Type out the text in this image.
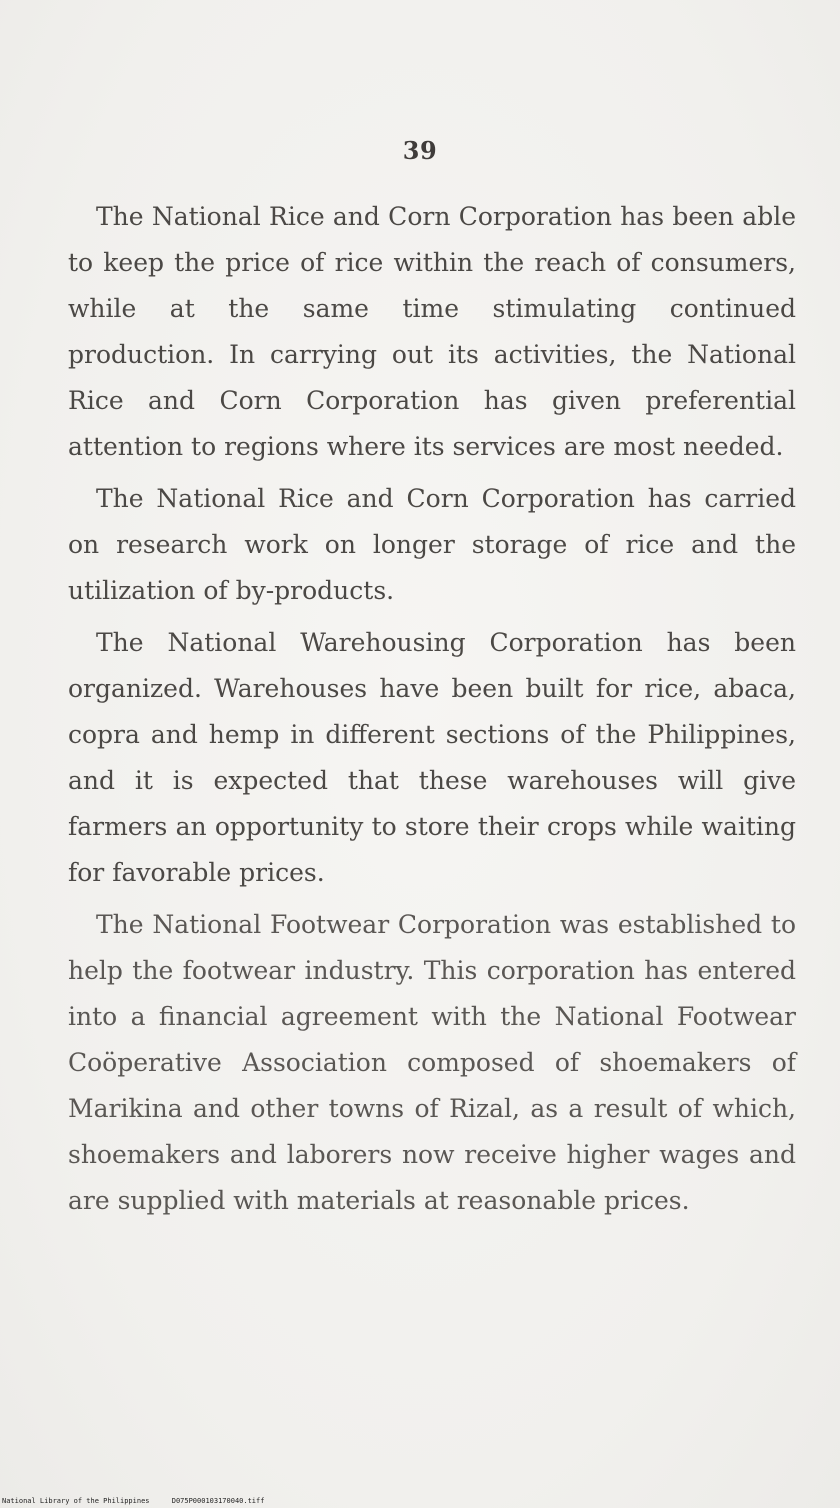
39

The National Rice and Corn Corporation has been able to keep the price of rice within the reach of consumers, while at the same time stimulating continued production. In carrying out its activities, the National Rice and Corn Corporation has given preferential attention to regions where its services are most needed.

The National Rice and Corn Corporation has carried on research work on longer storage of rice and the utilization of by-products.

The National Warehousing Corporation has been organized. Warehouses have been built for rice, abaca, copra and hemp in different sections of the Philippines, and it is expected that these warehouses will give farmers an opportunity to store their crops while waiting for favorable prices.

The National Footwear Corporation was established to help the footwear industry. This corporation has entered into a financial agreement with the National Footwear Coöperative Association composed of shoemakers of Marikina and other towns of Rizal, as a result of which, shoemakers and laborers now receive higher wages and are supplied with materials at reasonable prices.

National Library of the Philippines	D075P000103170040.tiff
